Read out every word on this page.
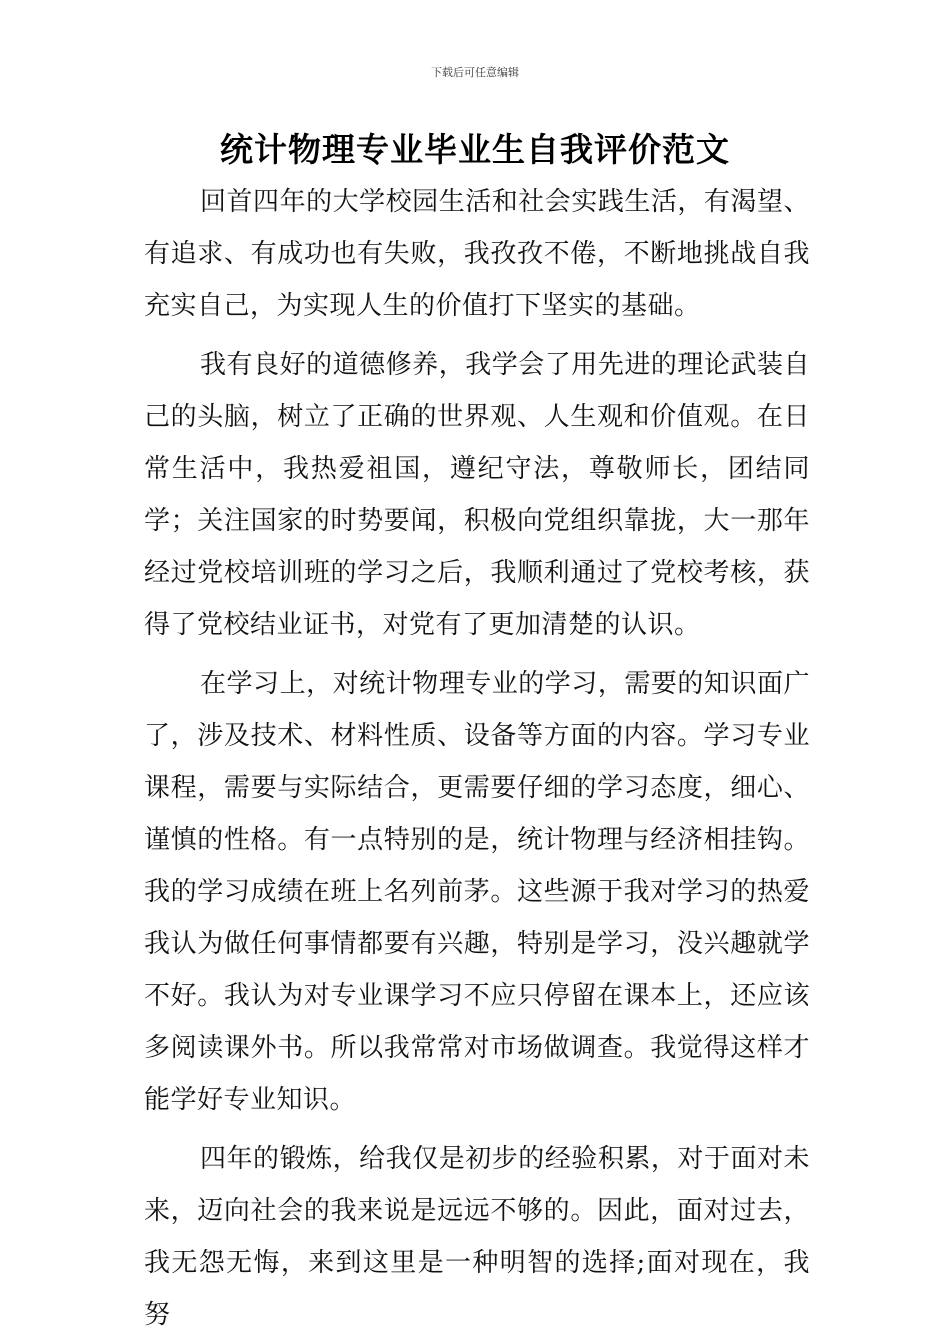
下载后可任意编辑
统计物理专业毕业生自我评价范文

回首四年的大学校园生活和社会实践生活，有渴望、有追求、有成功也有失败，我孜孜不倦，不断地挑战自我充实自己，为实现人生的价值打下坚实的基础。

我有良好的道德修养，我学会了用先进的理论武装自己的头脑，树立了正确的世界观、人生观和价值观。在日常生活中，我热爱祖国，遵纪守法，尊敬师长，团结同学；关注国家的时势要闻，积极向党组织靠拢，大一那年经过党校培训班的学习之后，我顺利通过了党校考核，获得了党校结业证书，对党有了更加清楚的认识。

在学习上，对统计物理专业的学习，需要的知识面广了，涉及技术、材料性质、设备等方面的内容。学习专业课程，需要与实际结合，更需要仔细的学习态度，细心、谨慎的性格。有一点特别的是，统计物理与经济相挂钩。我的学习成绩在班上名列前茅。这些源于我对学习的热爱我认为做任何事情都要有兴趣，特别是学习，没兴趣就学不好。我认为对专业课学习不应只停留在课本上，还应该多阅读课外书。所以我常常对市场做调查。我觉得这样才能学好专业知识。

四年的锻炼，给我仅是初步的经验积累，对于面对未来，迈向社会的我来说是远远不够的。因此，面对过去，我无怨无悔，来到这里是一种明智的选择;面对现在，我努
